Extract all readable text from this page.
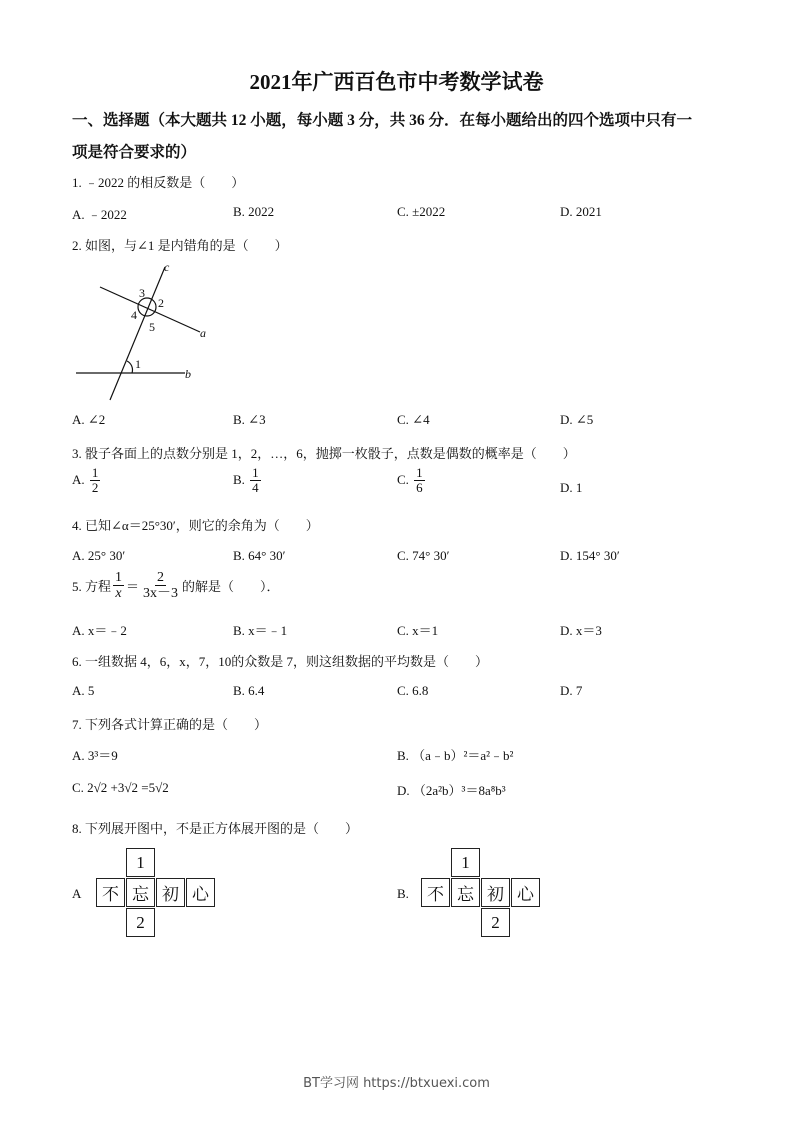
2021年广西百色市中考数学试卷
一、选择题（本大题共 12 小题，每小题 3 分，共 36 分．在每小题给出的四个选项中只有一
项是符合要求的）
1. ﹣2022 的相反数是（　　）
A. ﹣2022	B. 2022	C. ±2022	D. 2021
2. 如图，与∠1 是内错角的是（　　）
c
a
b
3
2
4
5
1
A. ∠2	B. ∠3	C. ∠4	D. ∠5
3. 骰子各面上的点数分别是 1，2，…，6，抛掷一枚骰子，点数是偶数的概率是（　　）
A. $\frac{1}{2}$	B. $\frac{1}{4}$	C. $\frac{1}{6}$	D. 1
4. 已知∠α＝25°30′，则它的余角为（　　）
A. 25° 30′	B. 64° 30′	C. 74° 30′	D. 154° 30′
5. 方程 $\frac{1}{x} = \frac{2}{3x-3}$ 的解是（　　）．
A. x＝﹣2	B. x＝﹣1	C. x＝1	D. x＝3
6. 一组数据 4，6，x，7，10的众数是 7，则这组数据的平均数是（　　）
A. 5	B. 6.4	C. 6.8	D. 7
7. 下列各式计算正确的是（　　）
A. 3³＝9	B. （a﹣b）²＝a²﹣b²
C. 2√2 +3√2 =5√2	D. （2a²b）³＝8a⁸b³
8. 下列展开图中，不是正方体展开图的是（　　）
A
1
不 忘 初 心
2
B.
1
不 忘 初 心
2
BT学习网 https://btxuexi.com
